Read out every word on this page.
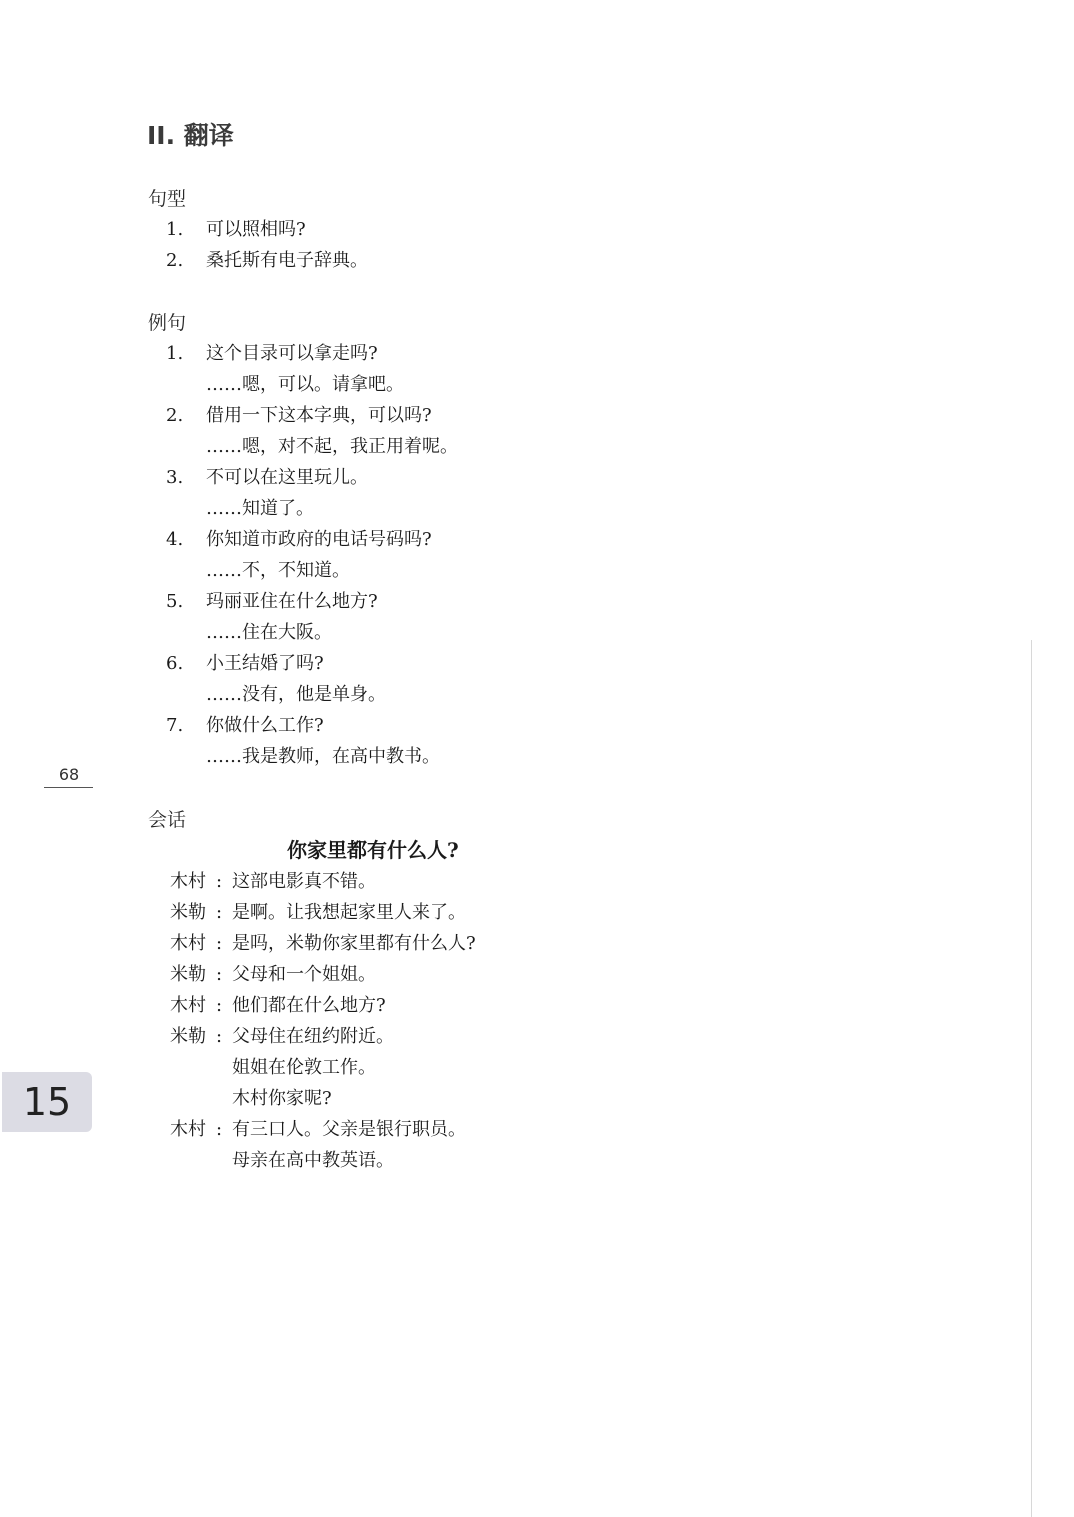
II. 翻译
句型
1.	可以照相吗?
2.	桑托斯有电子辞典。
例句
1.	这个目录可以拿走吗?
……嗯，可以。请拿吧。
2.	借用一下这本字典，可以吗?
……嗯，对不起，我正用着呢。
3.	不可以在这里玩儿。
……知道了。
4.	你知道市政府的电话号码吗?
……不，不知道。
5.	玛丽亚住在什么地方?
……住在大阪。
6.	小王结婚了吗?
……没有，他是单身。
7.	你做什么工作?
……我是教师，在高中教书。
68
会话
你家里都有什么人?
木村 : 这部电影真不错。
米勒 : 是啊。让我想起家里人来了。
木村 : 是吗，米勒你家里都有什么人?
米勒 : 父母和一个姐姐。
木村 : 他们都在什么地方?
米勒 : 父母住在纽约附近。
姐姐在伦敦工作。
木村你家呢?
木村 : 有三口人。父亲是银行职员。
母亲在高中教英语。
15
